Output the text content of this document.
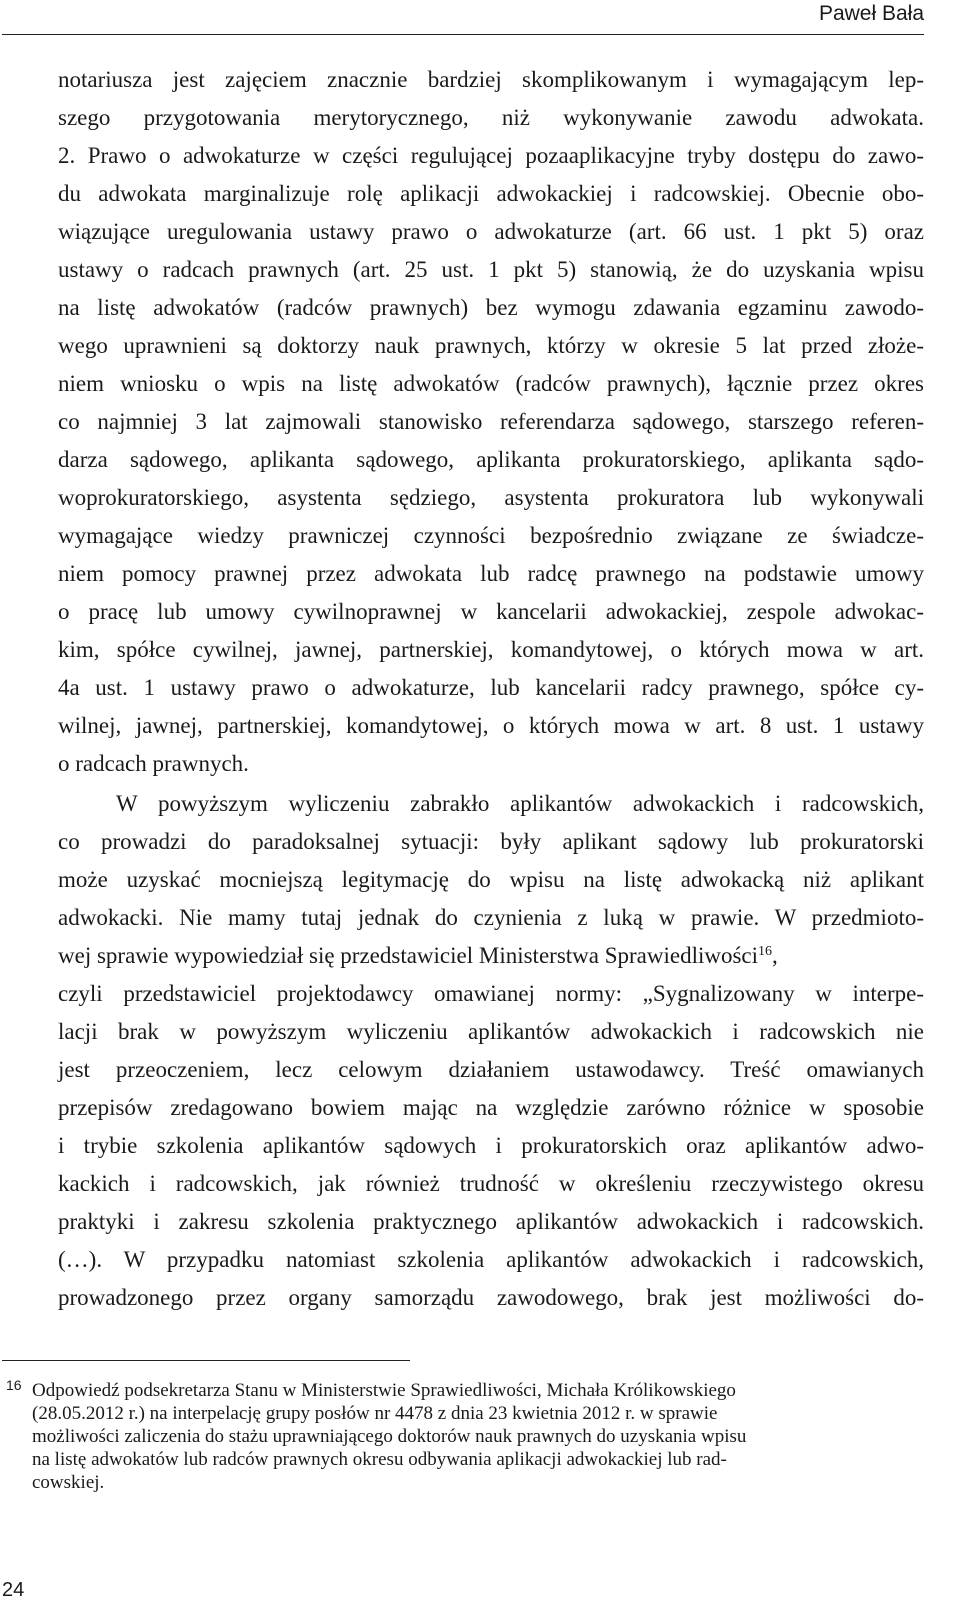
Paweł Bała
notariusza jest zajęciem znacznie bardziej skomplikowanym i wymagającym lep-
szego przygotowania merytorycznego, niż wykonywanie zawodu adwokata.
2. Prawo o adwokaturze w części regulującej pozaaplikacyjne tryby dostępu do zawo-
du adwokata marginalizuje rolę aplikacji adwokackiej i radcowskiej. Obecnie obo-
wiązujące uregulowania ustawy prawo o adwokaturze (art. 66 ust. 1 pkt 5) oraz
ustawy o radcach prawnych (art. 25 ust. 1 pkt 5) stanowią, że do uzyskania wpisu
na listę adwokatów (radców prawnych) bez wymogu zdawania egzaminu zawodo-
wego uprawnieni są doktorzy nauk prawnych, którzy w okresie 5 lat przed złoże-
niem wniosku o wpis na listę adwokatów (radców prawnych), łącznie przez okres
co najmniej 3 lat zajmowali stanowisko referendarza sądowego, starszego referen-
darza sądowego, aplikanta sądowego, aplikanta prokuratorskiego, aplikanta sądo-
woprokuratorskiego, asystenta sędziego, asystenta prokuratora lub wykonywali
wymagające wiedzy prawniczej czynności bezpośrednio związane ze świadcze-
niem pomocy prawnej przez adwokata lub radcę prawnego na podstawie umowy
o pracę lub umowy cywilnoprawnej w kancelarii adwokackiej, zespole adwokac-
kim, spółce cywilnej, jawnej, partnerskiej, komandytowej, o których mowa w art.
4a ust. 1 ustawy prawo o adwokaturze, lub kancelarii radcy prawnego, spółce cy-
wilnej, jawnej, partnerskiej, komandytowej, o których mowa w art. 8 ust. 1 ustawy
o radcach prawnych.
W powyższym wyliczeniu zabrakło aplikantów adwokackich i radcowskich,
co prowadzi do paradoksalnej sytuacji: były aplikant sądowy lub prokuratorski
może uzyskać mocniejszą legitymację do wpisu na listę adwokacką niż aplikant
adwokacki. Nie mamy tutaj jednak do czynienia z luką w prawie. W przedmioto-
wej sprawie wypowiedział się przedstawiciel Ministerstwa Sprawiedliwości$^{16}$,
czyli przedstawiciel projektodawcy omawianej normy: „Sygnalizowany w interpe-
lacji brak w powyższym wyliczeniu aplikantów adwokackich i radcowskich nie
jest przeoczeniem, lecz celowym działaniem ustawodawcy. Treść omawianych
przepisów zredagowano bowiem mając na względzie zarówno różnice w sposobie
i trybie szkolenia aplikantów sądowych i prokuratorskich oraz aplikantów adwo-
kackich i radcowskich, jak również trudność w określeniu rzeczywistego okresu
praktyki i zakresu szkolenia praktycznego aplikantów adwokackich i radcowskich.
(…). W przypadku natomiast szkolenia aplikantów adwokackich i radcowskich,
prowadzonego przez organy samorządu zawodowego, brak jest możliwości do-
16 Odpowiedź podsekretarza Stanu w Ministerstwie Sprawiedliwości, Michała Królikowskiego
(28.05.2012 r.) na interpelację grupy posłów nr 4478 z dnia 23 kwietnia 2012 r. w sprawie
możliwości zaliczenia do stażu uprawniającego doktorów nauk prawnych do uzyskania wpisu
na listę adwokatów lub radców prawnych okresu odbywania aplikacji adwokackiej lub rad-
cowskiej.
24
